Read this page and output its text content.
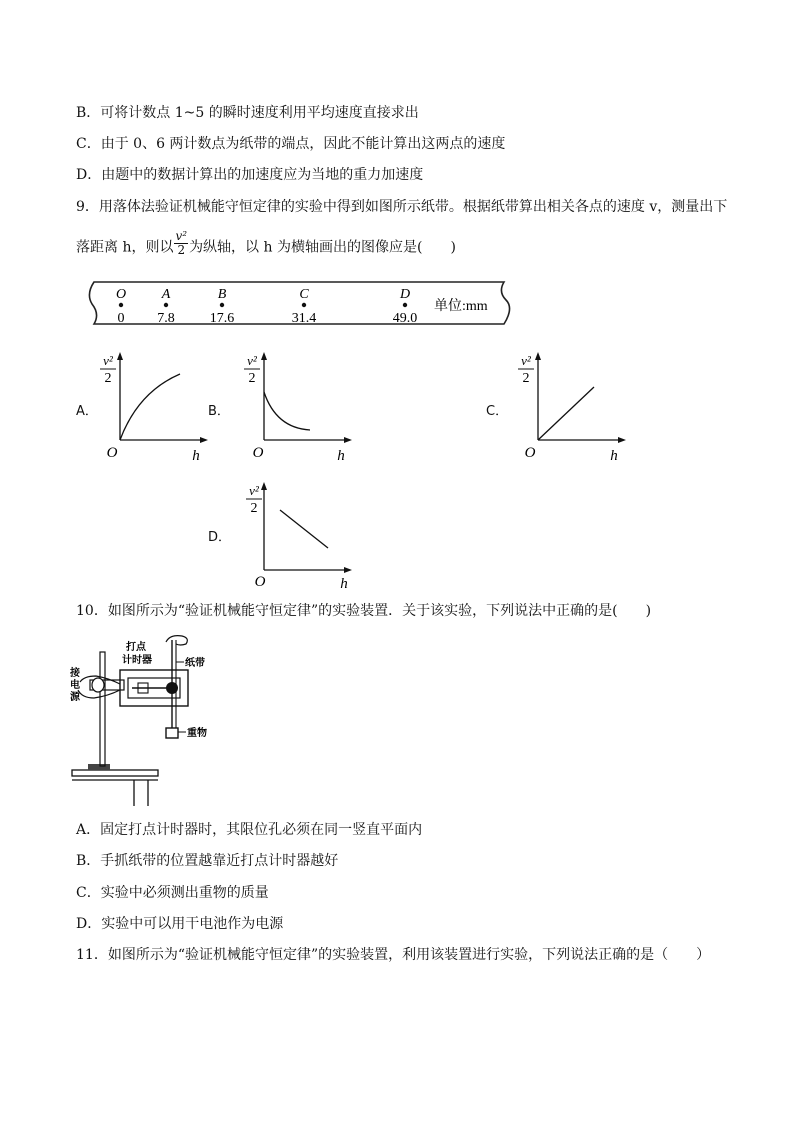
B．可将计数点 1~5 的瞬时速度利用平均速度直接求出
C．由于 0、6 两计数点为纸带的端点，因此不能计算出这两点的速度
D．由题中的数据计算出的加速度应为当地的重力加速度
9．用落体法验证机械能守恒定律的实验中得到如图所示纸带。根据纸带算出相关各点的速度 v，测量出下
落距离 h，则以 $\frac{\text{v²}}{2}$ 为纵轴，以 h 为横轴画出的图像应是(　　)
O
0
A
7.8
B
17.6
C
31.4
D
49.0
单位:mm
A．
v²
2
O	h
B．
v²
2
O	h
C．
v²
2
O	h
D．
v²
2
O	h
10．如图所示为“验证机械能守恒定律”的实验装置．关于该实验，下列说法中正确的是(　　)
打点
计时器	纸带
重物
接
电
源
A．固定打点计时器时，其限位孔必须在同一竖直平面内
B．手抓纸带的位置越靠近打点计时器越好
C．实验中必须测出重物的质量
D．实验中可以用干电池作为电源
11．如图所示为“验证机械能守恒定律”的实验装置，利用该装置进行实验，下列说法正确的是（　　）
